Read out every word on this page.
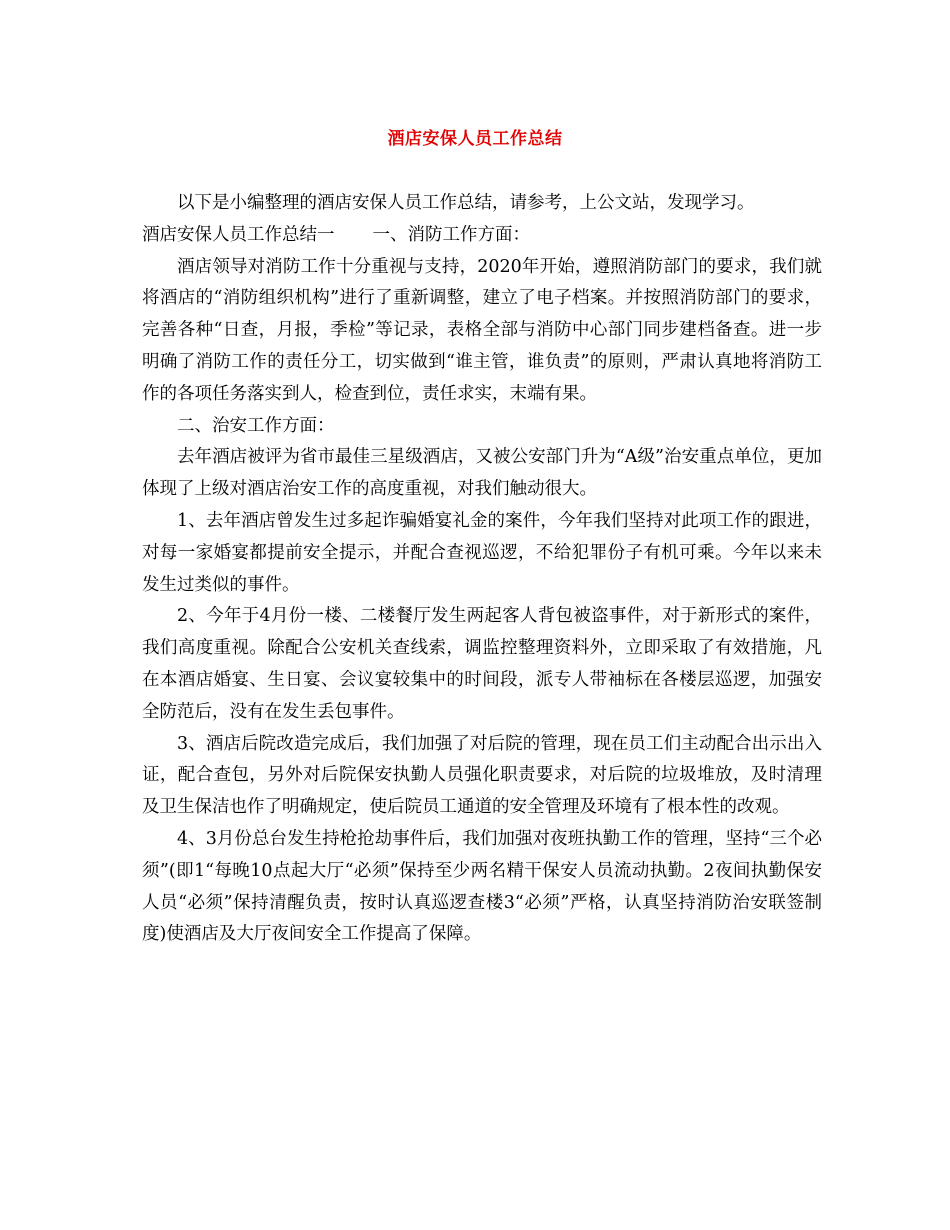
酒店安保人员工作总结

以下是小编整理的酒店安保人员工作总结，请参考，上公文站，发现学习。

酒店安保人员工作总结一 一、消防工作方面：

酒店领导对消防工作十分重视与支持，2020年开始，遵照消防部门的要求，我们就将酒店的“消防组织机构”进行了重新调整，建立了电子档案。并按照消防部门的要求，完善各种“日查，月报，季检”等记录，表格全部与消防中心部门同步建档备查。进一步明确了消防工作的责任分工，切实做到“谁主管，谁负责”的原则，严肃认真地将消防工作的各项任务落实到人，检查到位，责任求实，末端有果。

二、治安工作方面：

去年酒店被评为省市最佳三星级酒店，又被公安部门升为“A级”治安重点单位，更加体现了上级对酒店治安工作的高度重视，对我们触动很大。

1、去年酒店曾发生过多起诈骗婚宴礼金的案件，今年我们坚持对此项工作的跟进，对每一家婚宴都提前安全提示，并配合查视巡逻，不给犯罪份子有机可乘。今年以来未发生过类似的事件。

2、今年于4月份一楼、二楼餐厅发生两起客人背包被盗事件，对于新形式的案件，我们高度重视。除配合公安机关查线索，调监控整理资料外，立即采取了有效措施，凡在本酒店婚宴、生日宴、会议宴较集中的时间段，派专人带袖标在各楼层巡逻，加强安全防范后，没有在发生丢包事件。

3、酒店后院改造完成后，我们加强了对后院的管理，现在员工们主动配合出示出入证，配合查包，另外对后院保安执勤人员强化职责要求，对后院的垃圾堆放，及时清理及卫生保洁也作了明确规定，使后院员工通道的安全管理及环境有了根本性的改观。

4、3月份总台发生持枪抢劫事件后，我们加强对夜班执勤工作的管理，坚持“三个必须”(即1“每晚10点起大厅“必须”保持至少两名精干保安人员流动执勤。2夜间执勤保安人员“必须”保持清醒负责，按时认真巡逻查楼3“必须”严格，认真坚持消防治安联签制度)使酒店及大厅夜间安全工作提高了保障。
